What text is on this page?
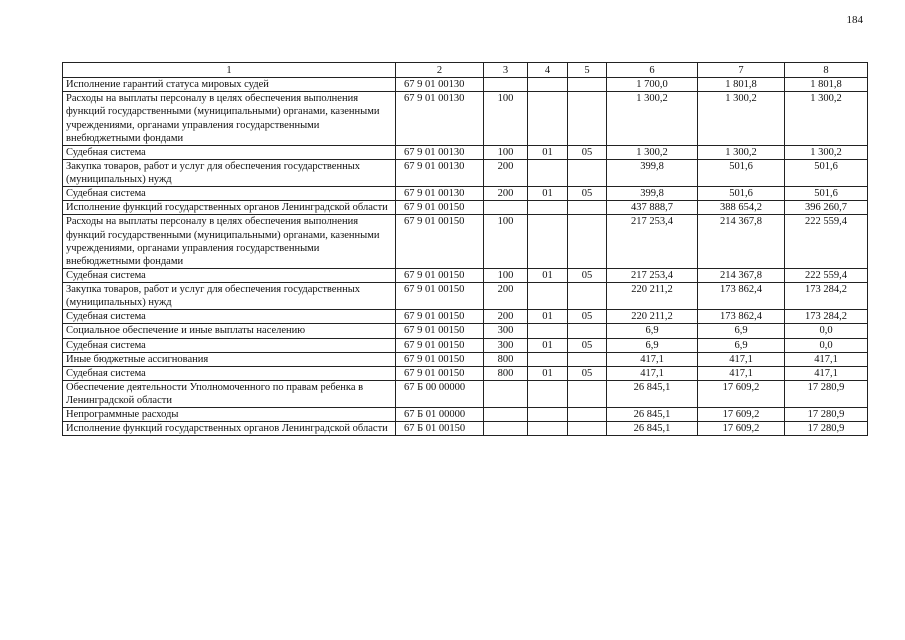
184
1	2	3	4	5	6	7	8
Исполнение гарантий статуса мировых судей	67 9 01 00130				1 700,0	1 801,8	1 801,8
Расходы на выплаты персоналу в целях обеспечения выполнения функций государственными (муниципальными) органами, казенными учреждениями, органами управления государственными внебюджетными фондами	67 9 01 00130	100			1 300,2	1 300,2	1 300,2
Судебная система	67 9 01 00130	100	01	05	1 300,2	1 300,2	1 300,2
Закупка товаров, работ и услуг для обеспечения государственных (муниципальных) нужд	67 9 01 00130	200			399,8	501,6	501,6
Судебная система	67 9 01 00130	200	01	05	399,8	501,6	501,6
Исполнение функций государственных органов Ленинградской области	67 9 01 00150				437 888,7	388 654,2	396 260,7
Расходы на выплаты персоналу в целях обеспечения выполнения функций государственными (муниципальными) органами, казенными учреждениями, органами управления государственными внебюджетными фондами	67 9 01 00150	100			217 253,4	214 367,8	222 559,4
Судебная система	67 9 01 00150	100	01	05	217 253,4	214 367,8	222 559,4
Закупка товаров, работ и услуг для обеспечения государственных (муниципальных) нужд	67 9 01 00150	200			220 211,2	173 862,4	173 284,2
Судебная система	67 9 01 00150	200	01	05	220 211,2	173 862,4	173 284,2
Социальное обеспечение и иные выплаты населению	67 9 01 00150	300			6,9	6,9	0,0
Судебная система	67 9 01 00150	300	01	05	6,9	6,9	0,0
Иные бюджетные ассигнования	67 9 01 00150	800			417,1	417,1	417,1
Судебная система	67 9 01 00150	800	01	05	417,1	417,1	417,1
Обеспечение деятельности Уполномоченного по правам ребенка в Ленинградской области	67 Б 00 00000				26 845,1	17 609,2	17 280,9
Непрограммные расходы	67 Б 01 00000				26 845,1	17 609,2	17 280,9
Исполнение функций государственных органов Ленинградской области	67 Б 01 00150				26 845,1	17 609,2	17 280,9
